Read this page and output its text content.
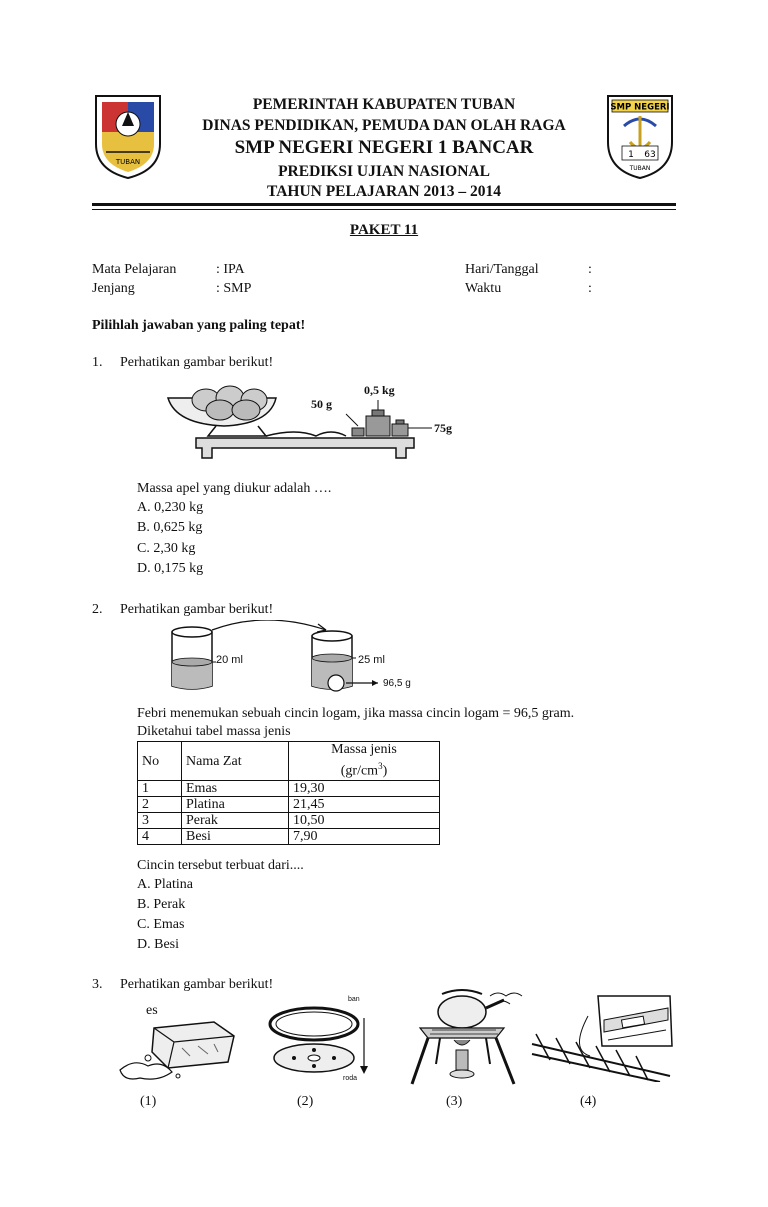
TUBAN
SMP NEGERI
1 63
TUBAN
PEMERINTAH KABUPATEN TUBAN
DINAS PENDIDIKAN, PEMUDA DAN OLAH RAGA
SMP NEGERI NEGERI 1 BANCAR
PREDIKSI UJIAN NASIONAL
TAHUN PELAJARAN 2013 – 2014
PAKET 11
Mata Pelajaran	: IPA
Jenjang	: SMP
Hari/Tanggal	:
Waktu	:
Pilihlah jawaban yang paling tepat!
1. Perhatikan gambar berikut!
0,5 kg
50 g
75g
Massa apel yang diukur adalah ….
A. 0,230 kg
B. 0,625 kg
C. 2,30 kg
D. 0,175 kg
2. Perhatikan gambar berikut!
20 ml	25 ml
96,5 g
Febri menemukan sebuah cincin logam, jika massa cincin logam = 96,5 gram.
Diketahui tabel massa jenis
No	Nama Zat	Massa jenis
$(gr/cm^3)$

1	Emas	19,30
2	Platina	21,45
3	Perak	10,50
4	Besi	7,90
Cincin tersebut terbuat dari....
A. Platina
B. Perak
C. Emas
D. Besi
3. Perhatikan gambar berikut!
es
ban
roda
(1)	(2)	(3)	(4)
